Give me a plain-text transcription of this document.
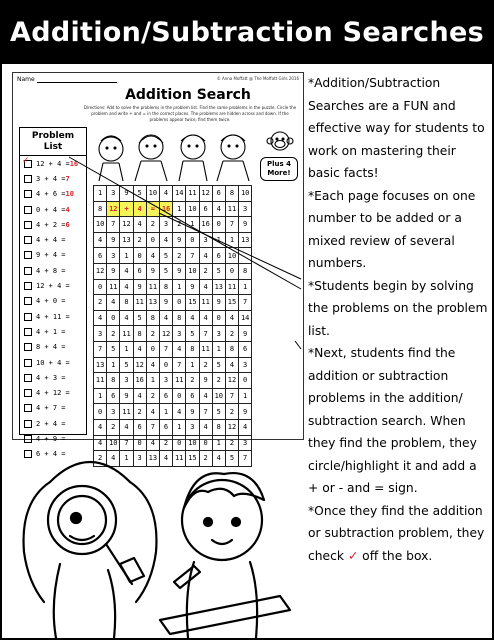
Addition/Subtraction Searches
Name	© Anna Moffatt @ The Moffatt Girls 2016
Addition Search
Directions: Add to solve the problems in the problem list. Find the same problems in the puzzle. Circle the problem and write + and = in the correct places. The problems are hidden across and down. If the problems appear twice, find them twice.
Plus 4 More!
Problem
List
✓ 12 + 4 = 16
3 + 4 = 7
4 + 6 = 10
0 + 4 = 4
4 + 2 = 6
4 + 4 =
9 + 4 =
4 + 8 =
12 + 4 =
4 + 0 =
4 + 11 =
4 + 1 =
8 + 4 =
10 + 4 =
4 + 3 =
4 + 12 =
4 + 7 =
2 + 4 =
4 + 9 =
6 + 4 =
1	3	9	5	10	4	14	11	12	6	8	10
8	12	+	4	=	16	1	10	6	4	11	3
10	7	12	4	2	3	2	1	16	0	7	9
4	9	13	2	0	4	9	0	3	1	1	13
6	3	1	0	4	5	2	7	4	6	10	
12	9	4	6	9	5	9	10	2	5	0	8
0	11	4	9	11	8	1	9	4	13	11	1
2	4	8	11	13	9	0	15	11	9	15	7
4	0	4	5	8	4	8	4	4	0	4	14
3	2	11	8	2	12	3	5	7	3	2	9
7	5	1	4	0	7	4	8	11	1	8	6
13	1	5	12	4	0	7	1	2	5	4	3
11	8	3	16	1	3	11	2	9	2	12	0
1	6	9	4	2	6	0	6	4	10	7	1
0	3	11	2	4	1	4	9	7	5	2	9
4	2	4	6	7	6	1	3	4	8	12	4
4	10	7	0	4	2	0	10	0	1	2	3
2	4	1	3	13	4	11	15	2	4	5	7

*Addition/Subtraction Searches are a FUN and effective way for students to work on mastering their basic facts!

*Each page focuses on one number to be added or a mixed review of several numbers.

*Students begin by solving the problems on the problem list.

*Next, students find the addition or subtraction problems in the addition/ subtraction search. When they find the problem, they circle/highlight it and add a + or - and = sign.

*Once they find the addition or subtraction problem, they check ✓ off the box.
